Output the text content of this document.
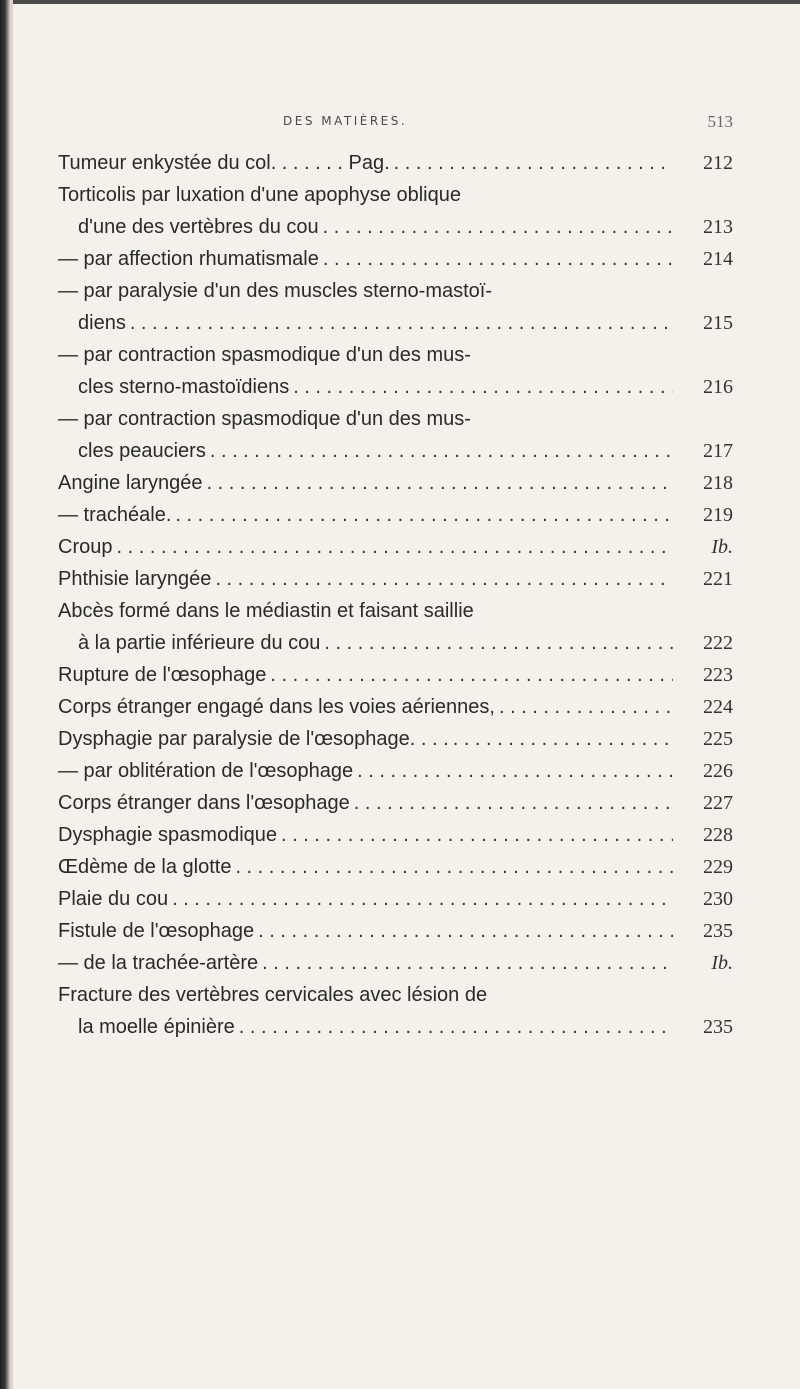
DES MATIÈRES.	513
Tumeur enkystée du col. . . . . . . Pag. . . .	212
Torticolis par luxation d'une apophyse oblique
d'une des vertèbres du cou . . .	213
— par affection rhumatismale . . .	214
— par paralysie d'un des muscles sterno-mastoï-
diens . . .	215
— par contraction spasmodique d'un des mus-
cles sterno-mastoïdiens . . .	216
— par contraction spasmodique d'un des mus-
cles peauciers . . .	217
Angine laryngée . . .	218
— trachéale. . . .	219
Croup . . .	Ib.
Phthisie laryngée . . .	221
Abcès formé dans le médiastin et faisant saillie
à la partie inférieure du cou . . .	222
Rupture de l'œsophage . . .	223
Corps étranger engagé dans les voies aériennes, . . .	224
Dysphagie par paralysie de l'œsophage. . . . . . .	225
— par oblitération de l'œsophage . . .	226
Corps étranger dans l'œsophage . . .	227
Dysphagie spasmodique . . .	228
Œdème de la glotte . . .	229
Plaie du cou . . .	230
Fistule de l'œsophage . . .	235
— de la trachée-artère . . .	Ib.
Fracture des vertèbres cervicales avec lésion de
la moelle épinière . . .	235
